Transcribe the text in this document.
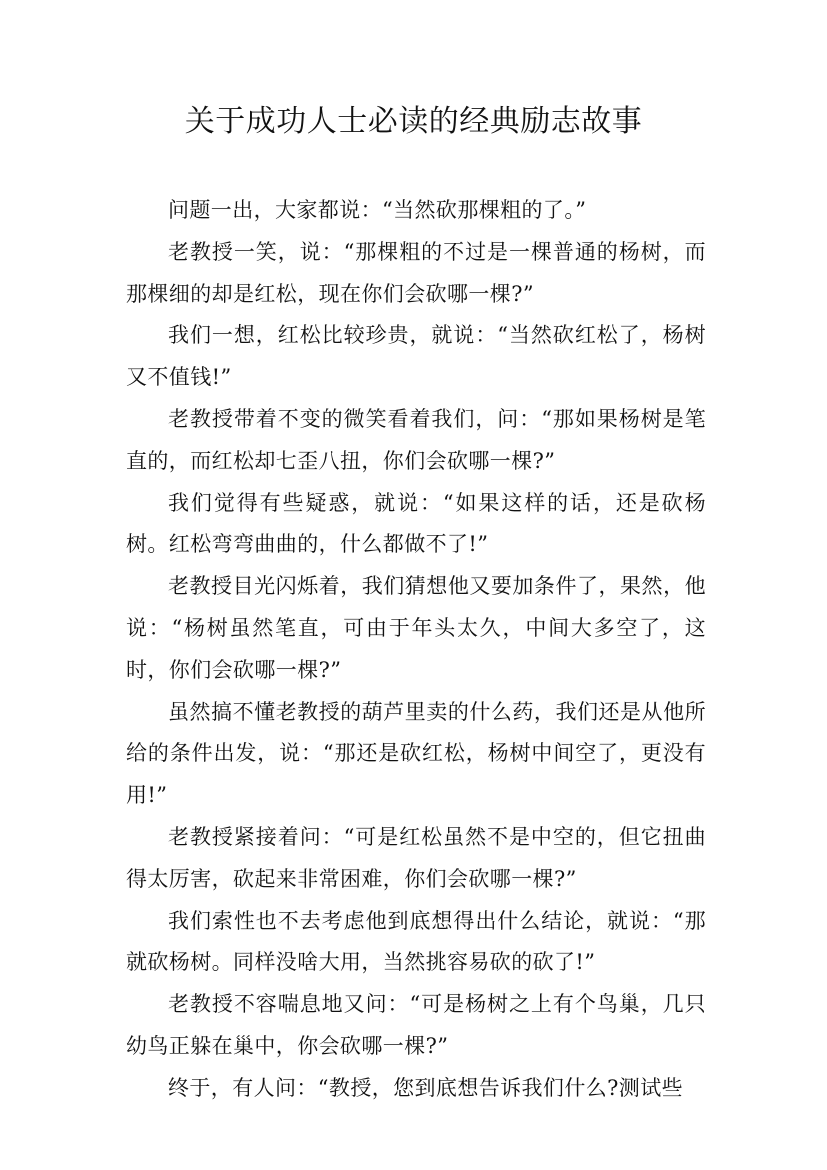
关于成功人士必读的经典励志故事

问题一出，大家都说：“当然砍那棵粗的了。”

老教授一笑，说：“那棵粗的不过是一棵普通的杨树，而那棵细的却是红松，现在你们会砍哪一棵?”

我们一想，红松比较珍贵，就说：“当然砍红松了，杨树又不值钱!”

老教授带着不变的微笑看着我们，问：“那如果杨树是笔直的，而红松却七歪八扭，你们会砍哪一棵?”

我们觉得有些疑惑，就说：“如果这样的话，还是砍杨树。红松弯弯曲曲的，什么都做不了!”

老教授目光闪烁着，我们猜想他又要加条件了，果然，他说：“杨树虽然笔直，可由于年头太久，中间大多空了，这时，你们会砍哪一棵?”

虽然搞不懂老教授的葫芦里卖的什么药，我们还是从他所给的条件出发，说：“那还是砍红松，杨树中间空了，更没有用!”

老教授紧接着问：“可是红松虽然不是中空的，但它扭曲得太厉害，砍起来非常困难，你们会砍哪一棵?”

我们索性也不去考虑他到底想得出什么结论，就说：“那就砍杨树。同样没啥大用，当然挑容易砍的砍了!”

老教授不容喘息地又问：“可是杨树之上有个鸟巢，几只幼鸟正躲在巢中，你会砍哪一棵?”

终于，有人问：“教授，您到底想告诉我们什么?测试些
